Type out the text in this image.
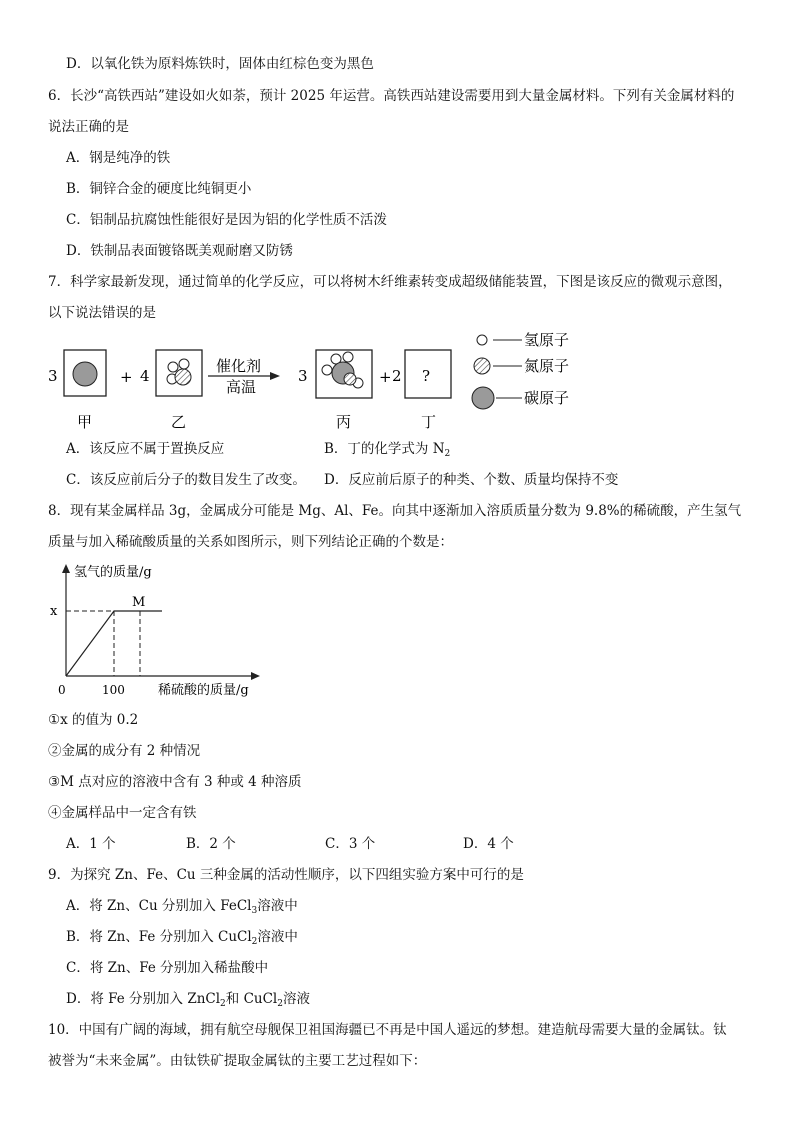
D．以氧化铁为原料炼铁时，固体由红棕色变为黑色
6．长沙“高铁西站”建设如火如荼，预计 2025 年运营。高铁西站建设需要用到大量金属材料。下列有关金属材料的
说法正确的是
A．钢是纯净的铁
B．铜锌合金的硬度比纯铜更小
C．铝制品抗腐蚀性能很好是因为铝的化学性质不活泼
D．铁制品表面镀铬既美观耐磨又防锈
7．科学家最新发现，通过简单的化学反应，可以将树木纤维素转变成超级储能装置，下图是该反应的微观示意图，
以下说法错误的是
3	+ 4
催化剂
高温
3	+ 2 ?
甲	乙	丙	丁
氢原子
氮原子
碳原子
A．该反应不属于置换反应	B．丁的化学式为 $N_2$
C．该反应前后分子的数目发生了改变。 D．反应前后原子的种类、个数、质量均保持不变
8．现有某金属样品 3g，金属成分可能是 Mg、Al、Fe。向其中逐渐加入溶质质量分数为 9.8%的稀硫酸，产生氢气
质量与加入稀硫酸质量的关系如图所示，则下列结论正确的个数是：
氢气的质量/g
稀硫酸的质量/g
0	100
x
M
①x 的值为 0.2
②金属的成分有 2 种情况
③M 点对应的溶液中含有 3 种或 4 种溶质
④金属样品中一定含有铁
A．1 个	B．2 个	C．3 个	D．4 个
9．为探究 Zn、Fe、Cu 三种金属的活动性顺序，以下四组实验方案中可行的是
A．将 Zn、Cu 分别加入 FeCl$_3$溶液中
B．将 Zn、Fe 分别加入 CuCl$_2$溶液中
C．将 Zn、Fe 分别加入稀盐酸中
D．将 Fe 分别加入 ZnCl$_2$和 CuCl$_2$溶液
10．中国有广阔的海域，拥有航空母舰保卫祖国海疆已不再是中国人遥远的梦想。建造航母需要大量的金属钛。钛
被誉为“未来金属”。由钛铁矿提取金属钛的主要工艺过程如下：
